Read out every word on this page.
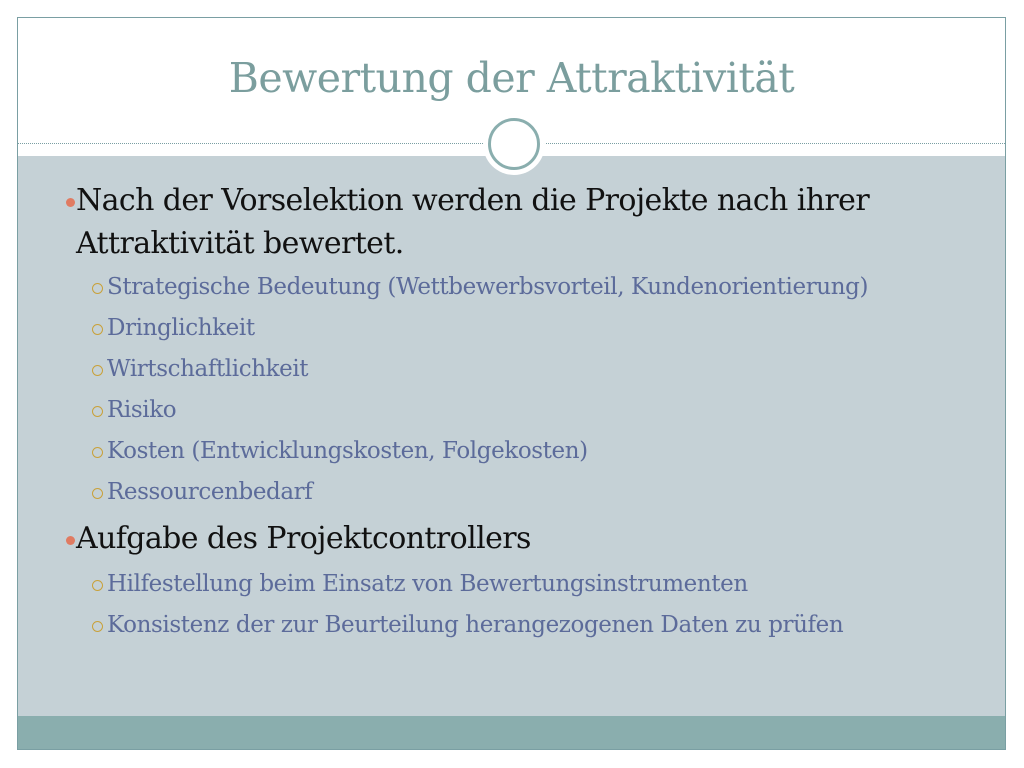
Bewertung der Attraktivität
Nach der Vorselektion werden die Projekte nach ihrer Attraktivität bewertet.
Strategische Bedeutung (Wettbewerbsvorteil, Kundenorientierung)
Dringlichkeit
Wirtschaftlichkeit
Risiko
Kosten (Entwicklungskosten, Folgekosten)
Ressourcenbedarf
Aufgabe des Projektcontrollers
Hilfestellung beim Einsatz von Bewertungsinstrumenten
Konsistenz der zur Beurteilung herangezogenen Daten zu prüfen
